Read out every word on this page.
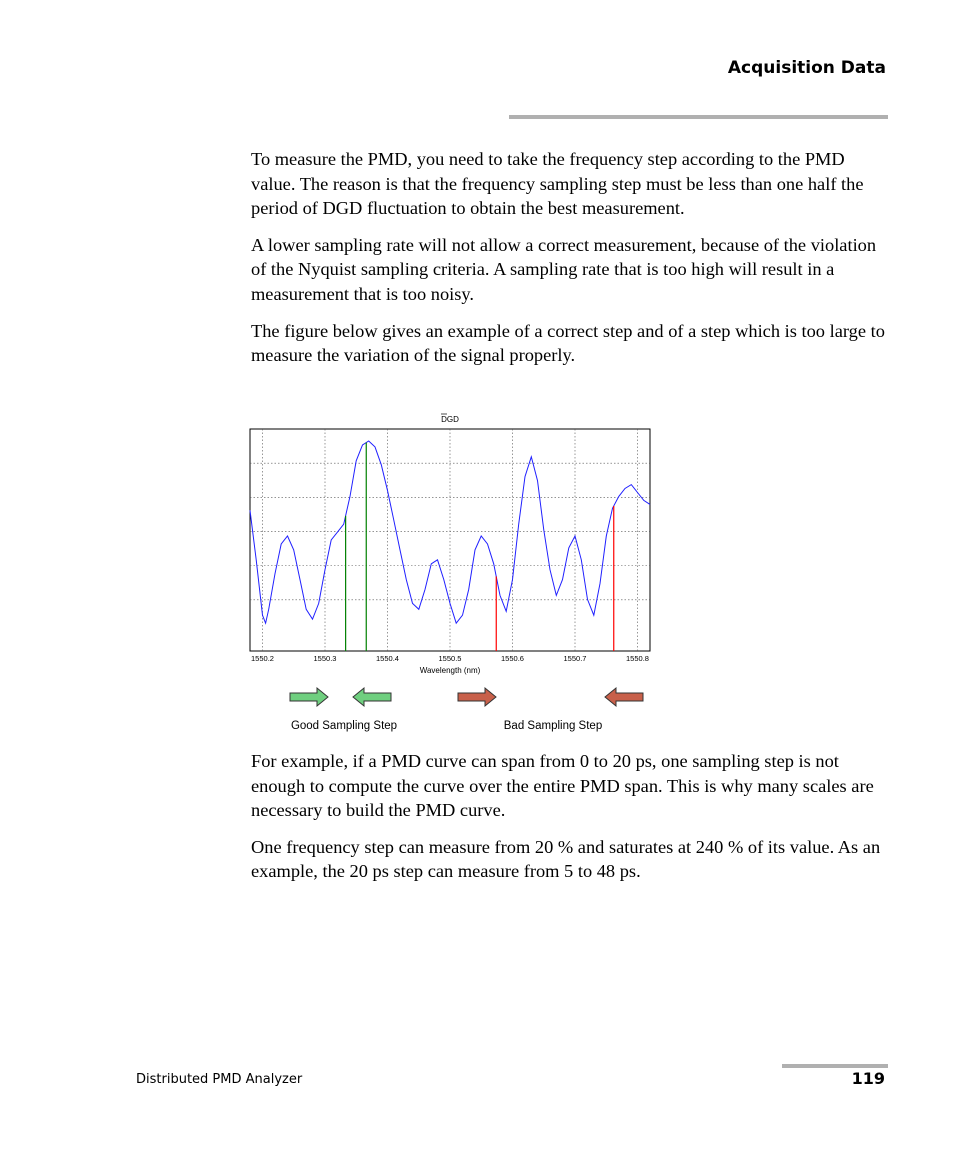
Acquisition Data

To measure the PMD, you need to take the frequency step according to the PMD value. The reason is that the frequency sampling step must be less than one half the period of DGD fluctuation to obtain the best measurement.

A lower sampling rate will not allow a correct measurement, because of the violation of the Nyquist sampling criteria. A sampling rate that is too high will result in a measurement that is too noisy.

The figure below gives an example of a correct step and of a step which is too large to measure the variation of the signal properly.

DGD
1550.2	1550.3	1550.4	1550.5	1550.6	1550.7	1550.8
Wavelength (nm)
Good Sampling Step	Bad Sampling Step

For example, if a PMD curve can span from 0 to 20 ps, one sampling step is not enough to compute the curve over the entire PMD span. This is why many scales are necessary to build the PMD curve.

One frequency step can measure from 20 % and saturates at 240 % of its value. As an example, the 20 ps step can measure from 5 to 48 ps.

Distributed PMD Analyzer	119
